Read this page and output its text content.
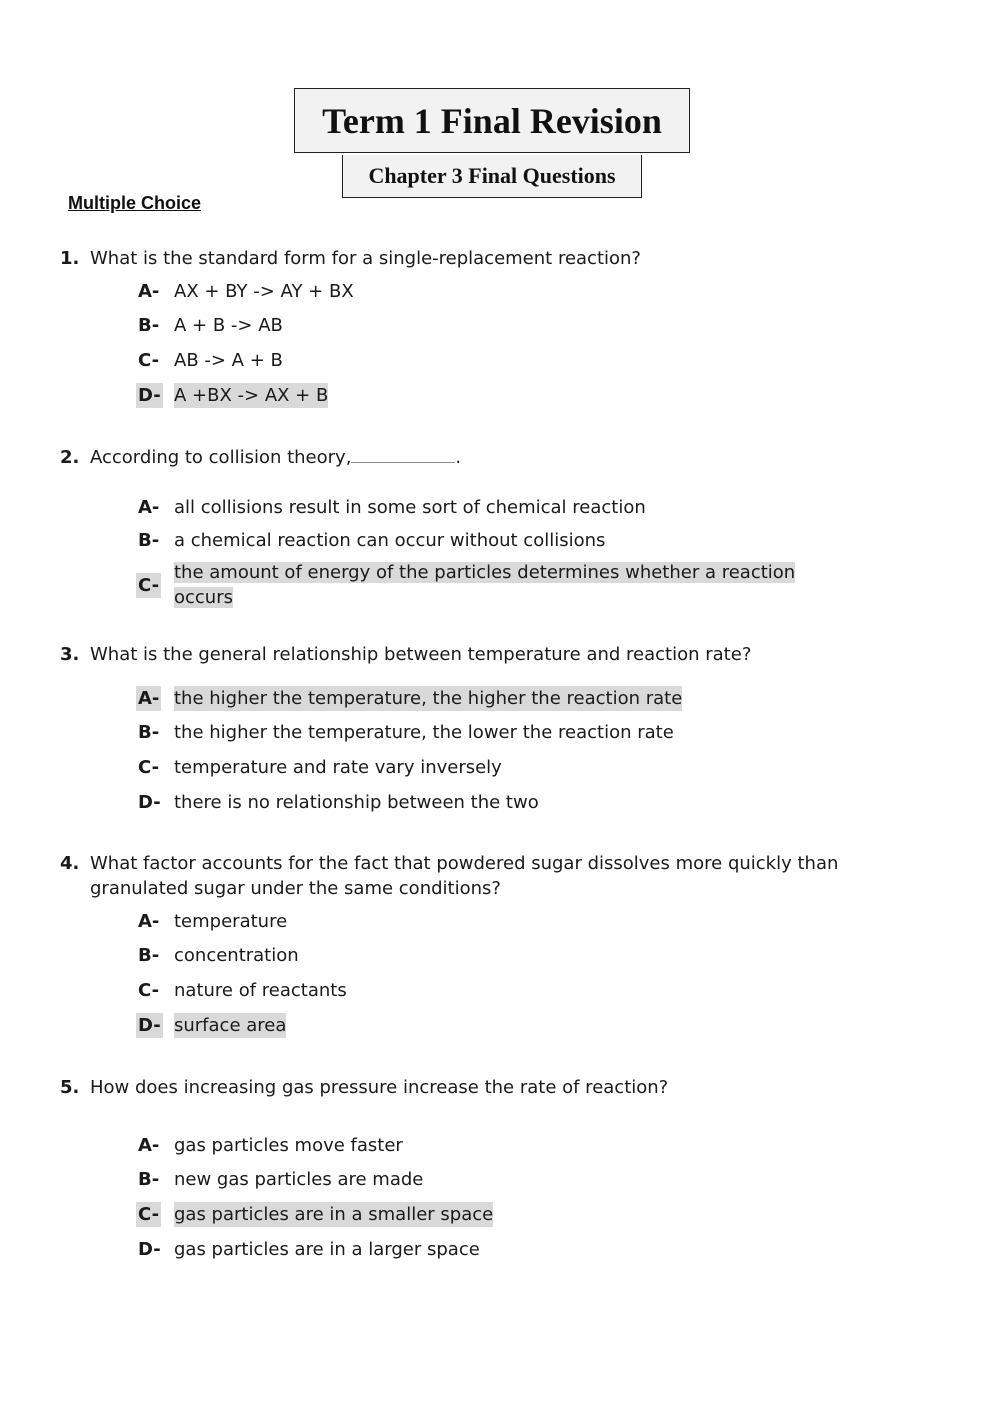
Term 1 Final Revision
Chapter 3 Final Questions
Multiple Choice
1. What is the standard form for a single-replacement reaction?
A- AX + BY -> AY + BX
B- A + B -> AB
C- AB -> A + B
D- A +BX -> AX + B
2. According to collision theory,	.
A- all collisions result in some sort of chemical reaction
B- a chemical reaction can occur without collisions
C-
the amount of energy of the particles determines whether a reaction occurs
3. What is the general relationship between temperature and reaction rate?
A- the higher the temperature, the higher the reaction rate
B- the higher the temperature, the lower the reaction rate
C- temperature and rate vary inversely
D- there is no relationship between the two
4. What factor accounts for the fact that powdered sugar dissolves more quickly than granulated sugar under the same conditions?
A- temperature
B- concentration
C- nature of reactants
D- surface area
5. How does increasing gas pressure increase the rate of reaction?
A- gas particles move faster
B- new gas particles are made
C- gas particles are in a smaller space
D- gas particles are in a larger space
